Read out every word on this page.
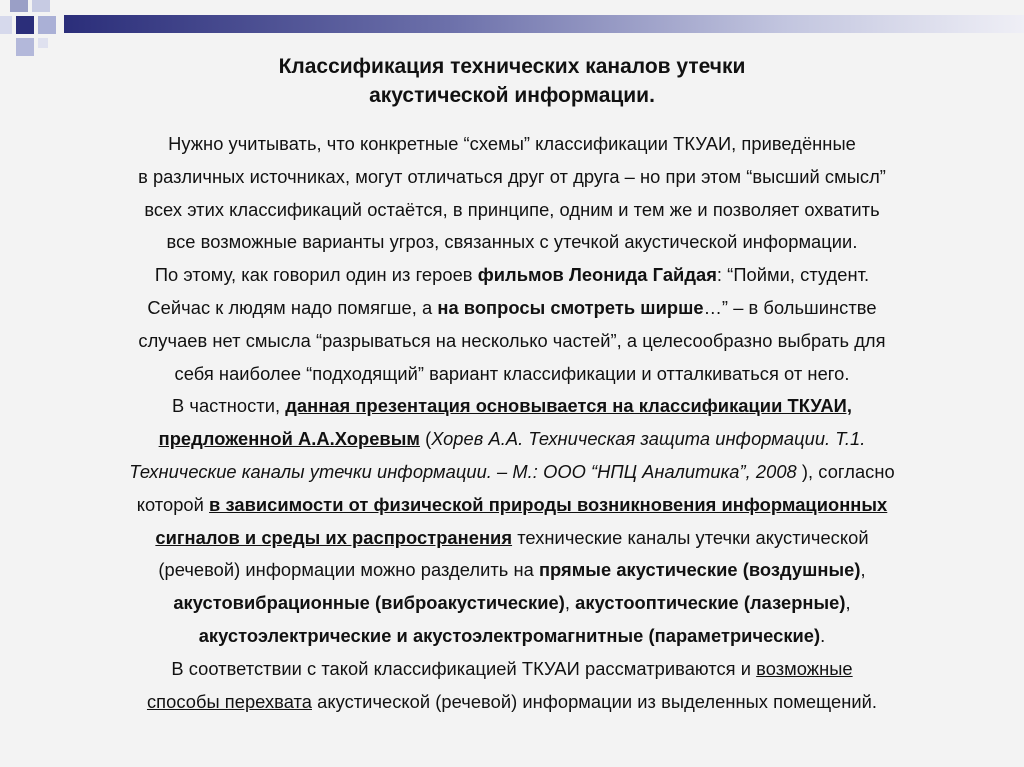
Классификация технических каналов утечки
акустической информации.
Нужно учитывать, что конкретные “схемы” классификации ТКУАИ, приведённые
в различных источниках, могут отличаться друг от друга – но при этом “высший смысл”
всех этих классификаций остаётся, в принципе, одним и тем же и позволяет охватить
все возможные варианты угроз, связанных с утечкой акустической информации.
По этому, как говорил один из героев фильмов Леонида Гайдая: “Пойми, студент.
Сейчас к людям надо помягше, а на вопросы смотреть ширше…” – в большинстве
случаев нет смысла “разрываться на несколько частей”, а целесообразно выбрать для
себя наиболее “подходящий” вариант классификации и отталкиваться от него.
В частности, данная презентация основывается на классификации ТКУАИ,
предложенной А.А.Хоревым (Хорев А.А. Техническая защита информации. Т.1.
Технические каналы утечки информации. – М.: ООО “НПЦ Аналитика”, 2008 ), согласно
которой в зависимости от физической природы возникновения информационных
сигналов и среды их распространения технические каналы утечки акустической
(речевой) информации можно разделить на прямые акустические (воздушные),
акустовибрационные (виброакустические), акустооптические (лазерные),
акустоэлектрические и акустоэлектромагнитные (параметрические).
В соответствии с такой классификацией ТКУАИ рассматриваются и возможные
способы перехвата акустической (речевой) информации из выделенных помещений.
